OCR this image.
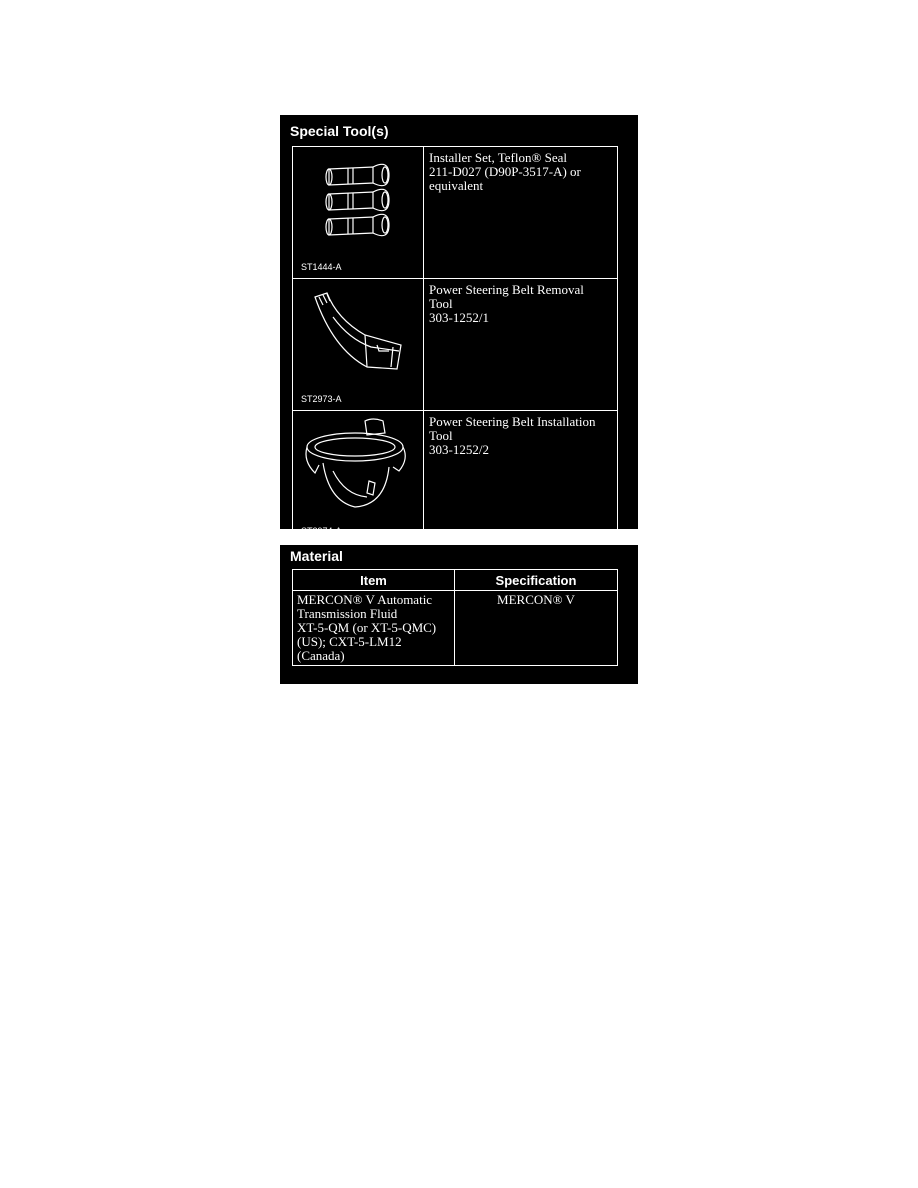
Special Tool(s)
ST1444-A	Installer Set, Teflon® Seal
211-D027 (D90P-3517-A) or
equivalent

ST2973-A	Power Steering Belt Removal
Tool
303-1252/1

ST2974-A	Power Steering Belt Installation
Tool
303-1252/2
Material
Item	Specification
MERCON® V Automatic
Transmission Fluid
XT-5-QM (or XT-5-QMC)
(US); CXT-5-LM12
(Canada)	MERCON® V
